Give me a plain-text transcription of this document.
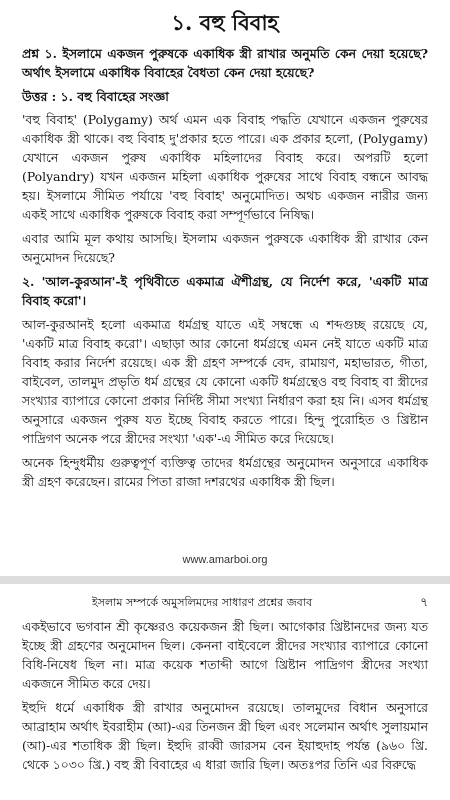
১. বহু বিবাহ

প্রশ্ন ১. ইসলামে একজন পুরুষকে একাধিক স্ত্রী রাখার অনুমতি কেন দেয়া হয়েছে? অর্থাৎ ইসলামে একাধিক বিবাহের বৈধতা কেন দেয়া হয়েছে?

উত্তর : ১. বহু বিবাহের সংজ্ঞা

'বহু বিবাহ' (Polygamy) অর্থ এমন এক বিবাহ পদ্ধতি যেখানে একজন পুরুষের একাধিক স্ত্রী থাকে। বহু বিবাহ দু'প্রকার হতে পারে। এক প্রকার হলো, (Polygamy) যেখানে একজন পুরুষ একাধিক মহিলাদের বিবাহ করে। অপরটি হলো (Polyandry) যখন একজন মহিলা একাধিক পুরুষের সাথে বিবাহ বন্ধনে আবদ্ধ হয়। ইসলামে সীমিত পর্যায়ে 'বহু বিবাহ' অনুমোদিত। অথচ একজন নারীর জন্য একই সাথে একাধিক পুরুষকে বিবাহ করা সম্পূর্ণভাবে নিষিদ্ধ।

এবার আমি মূল কথায় আসছি। ইসলাম একজন পুরুষকে একাধিক স্ত্রী রাখার কেন অনুমোদন দিয়েছে?

২. 'আল-কুরআন'-ই পৃথিবীতে একমাত্র ঐশীগ্রন্থ, যে নির্দেশ করে, 'একটি মাত্র বিবাহ করো'।

আল-কুরআনই হলো একমাত্র ধর্মগ্রন্থ যাতে এই সম্বন্ধে এ শব্দগুচ্ছ রয়েছে যে, 'একটি মাত্র বিবাহ করো'। এছাড়া আর কোনো ধর্মগ্রন্থে এমন নেই যাতে একটি মাত্র বিবাহ করার নির্দেশ রয়েছে। এক স্ত্রী গ্রহণ সম্পর্কে বেদ, রামায়ণ, মহাভারত, গীতা, বাইবেল, তালমুদ প্রভৃতি ধর্ম গ্রন্থের যে কোনো একটি ধর্মগ্রন্থেও বহু বিবাহ বা স্ত্রীদের সংখ্যার ব্যাপারে কোনো প্রকার নির্দিষ্ট সীমা সংখ্যা নির্ধারণ করা হয় নি। এসব ধর্মগ্রন্থ অনুসারে একজন পুরুষ যত ইচ্ছে বিবাহ করতে পারে। হিন্দু পুরোহিত ও খ্রিষ্টান পাদ্রিগণ অনেক পরে স্ত্রীদের সংখ্যা 'এক'-এ সীমিত করে দিয়েছে।

অনেক হিন্দুধর্মীয় গুরুত্বপূর্ণ ব্যক্তিত্ব তাদের ধর্মগ্রন্থের অনুমোদন অনুসারে একাধিক স্ত্রী গ্রহণ করেছেন। রামের পিতা রাজা দশরথের একাধিক স্ত্রী ছিল।

www.amarboi.org
ইসলাম সম্পর্কে অমুসলিমদের সাধারণ প্রশ্নের জবাব	৭

একইভাবে ভগবান শ্রী কৃষ্ণেরও কয়েকজন স্ত্রী ছিল। আগেকার খ্রিষ্টানদের জন্য যত ইচ্ছে স্ত্রী গ্রহণের অনুমোদন ছিল। কেননা বাইবেলে স্ত্রীদের সংখ্যার ব্যাপারে কোনো বিধি-নিষেধ ছিল না। মাত্র কয়েক শতাব্দী আগে খ্রিষ্টান পাদ্রিগণ স্ত্রীদের সংখ্যা একজনে সীমিত করে দেয়।

ইহুদি ধর্মে একাধিক স্ত্রী রাখার অনুমোদন রয়েছে। তালমুদের বিধান অনুসারে আব্রাহাম অর্থাৎ ইবরাহীম (আ)-এর তিনজন স্ত্রী ছিল এবং সলেমান অর্থাৎ সুলায়মান (আ)-এর শতাধিক স্ত্রী ছিল। ইহুদি রাব্বী জারসম বেন ইয়াহুদাহ পর্যন্ত (৯৬০ খ্রি. থেকে ১০৩০ খ্রি.) বহু স্ত্রী বিবাহের এ ধারা জারি ছিল। অতঃপর তিনি এর বিরুদ্ধে
